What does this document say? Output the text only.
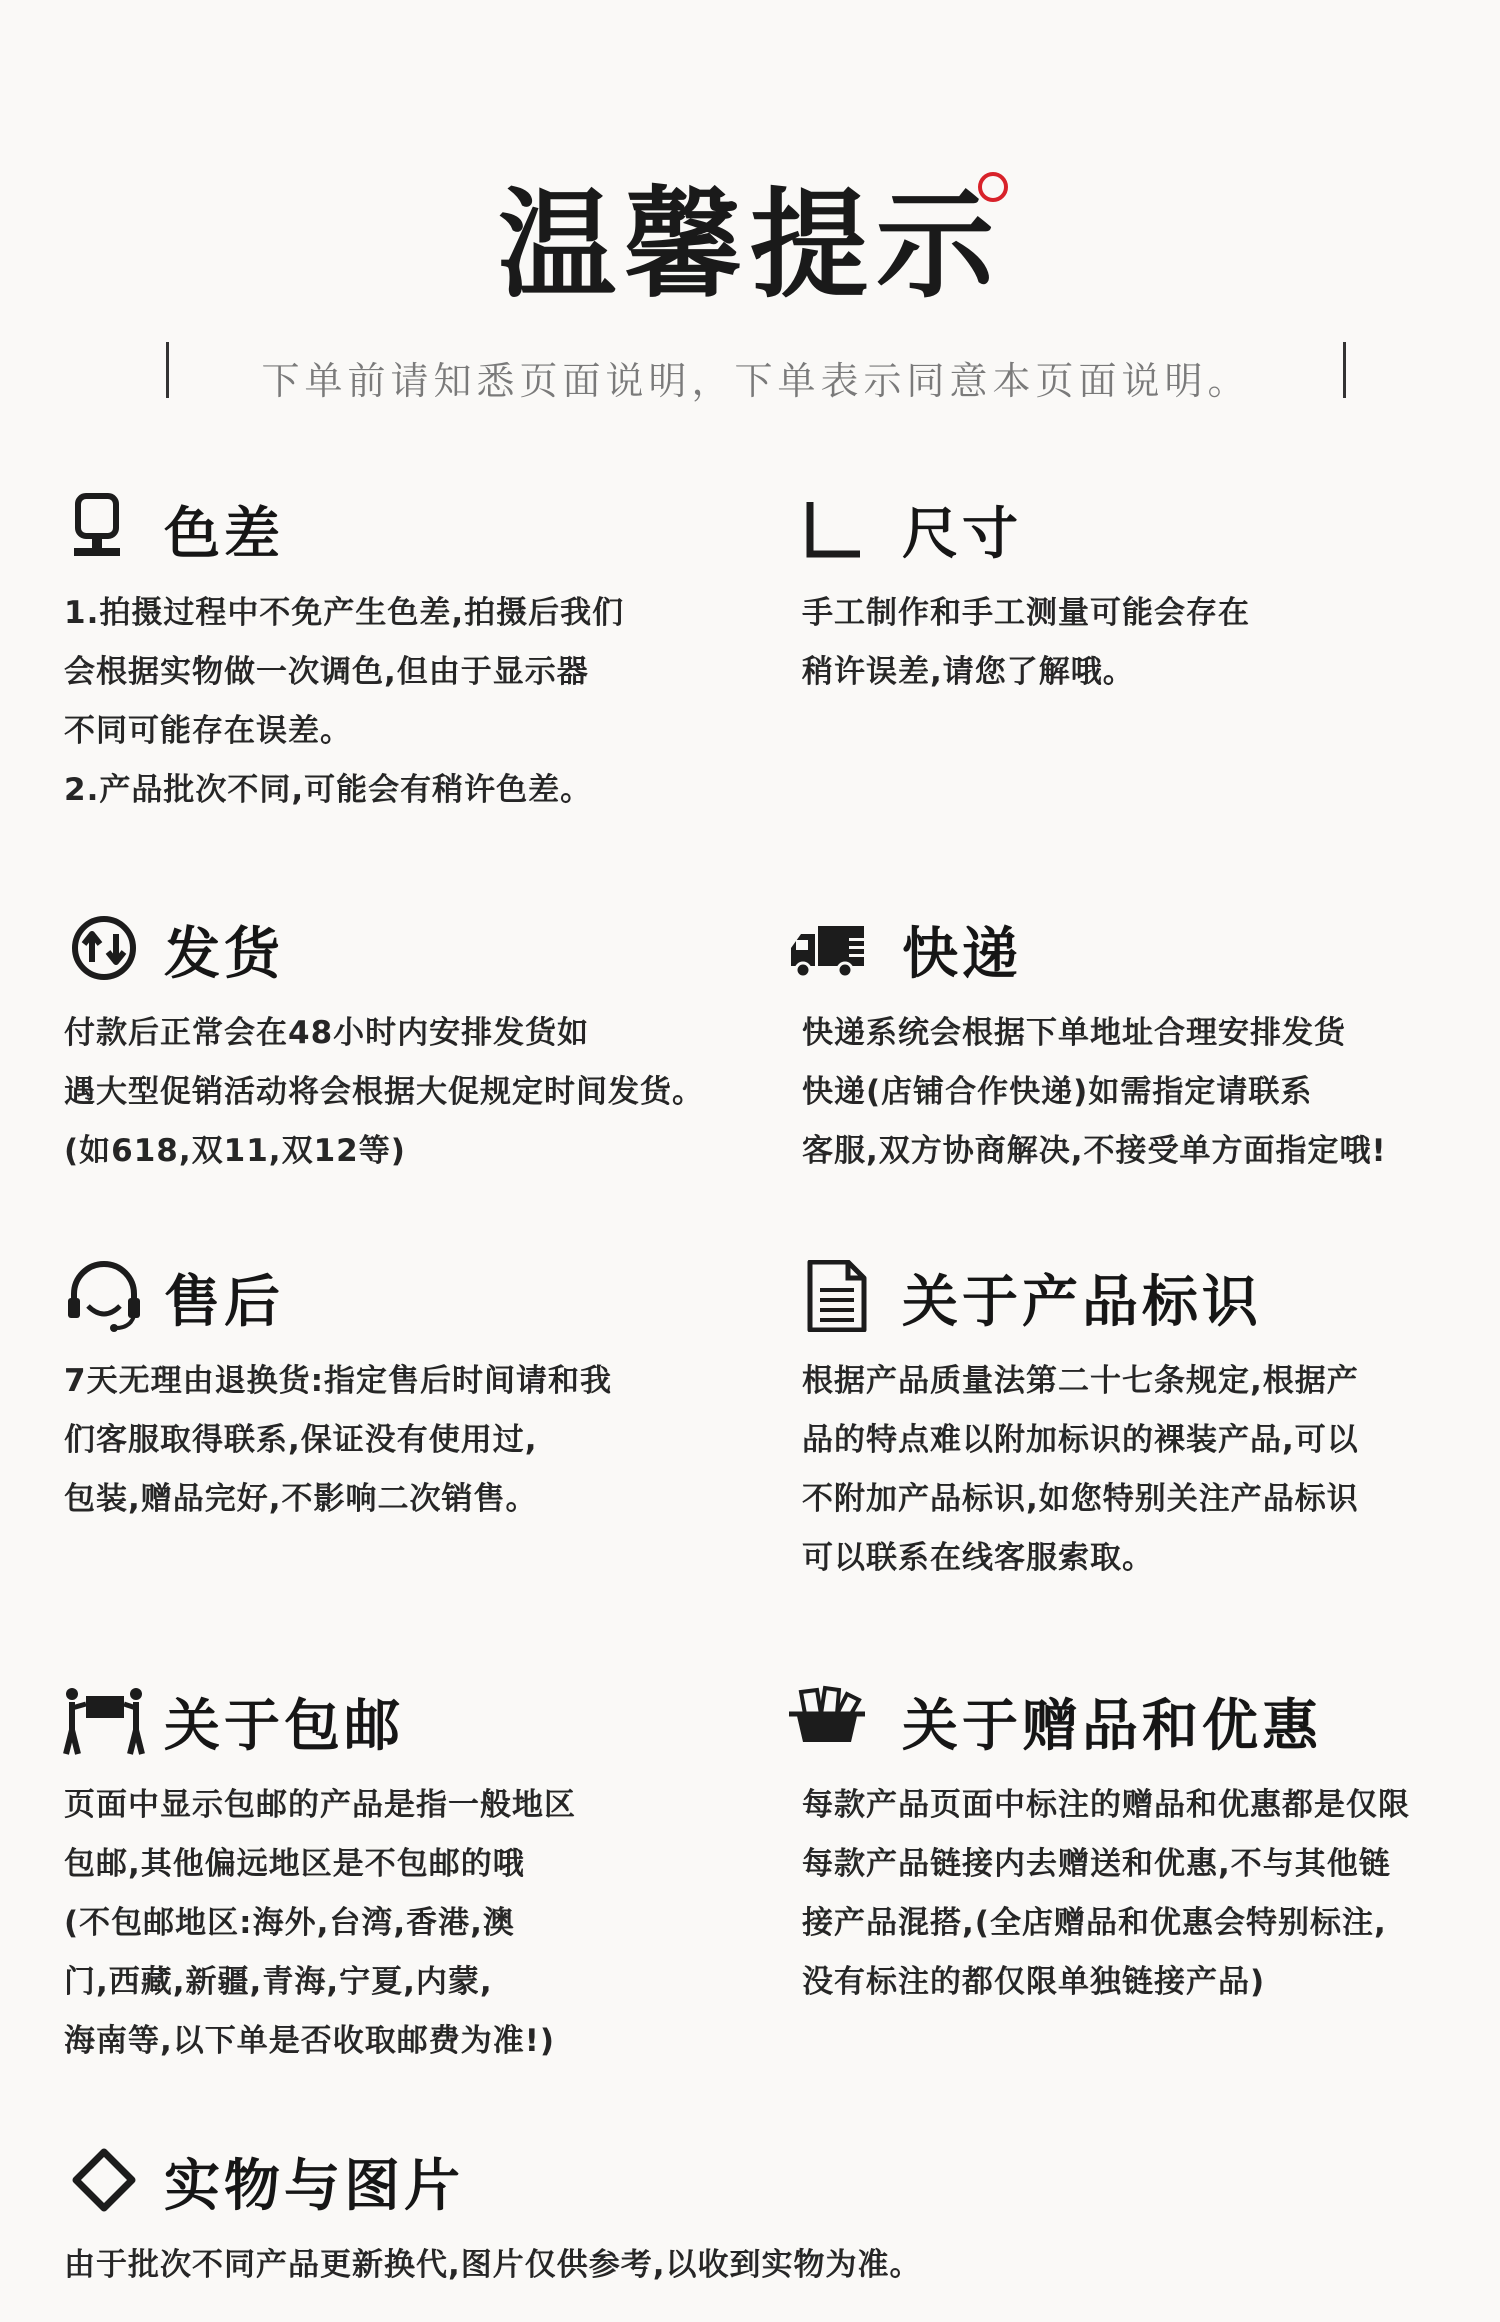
温馨提示
下单前请知悉页面说明，下单表示同意本页面说明。
色差
1.拍摄过程中不免产生色差,拍摄后我们
会根据实物做一次调色,但由于显示器
不同可能存在误差。
2.产品批次不同,可能会有稍许色差。
尺寸
手工制作和手工测量可能会存在
稍许误差,请您了解哦。
发货
付款后正常会在48小时内安排发货如
遇大型促销活动将会根据大促规定时间发货。
(如618,双11,双12等)
快递
快递系统会根据下单地址合理安排发货
快递(店铺合作快递)如需指定请联系
客服,双方协商解决,不接受单方面指定哦!
售后
7天无理由退换货:指定售后时间请和我
们客服取得联系,保证没有使用过,
包装,赠品完好,不影响二次销售。
关于产品标识
根据产品质量法第二十七条规定,根据产
品的特点难以附加标识的裸装产品,可以
不附加产品标识,如您特别关注产品标识
可以联系在线客服索取。
关于包邮
页面中显示包邮的产品是指一般地区
包邮,其他偏远地区是不包邮的哦
(不包邮地区:海外,台湾,香港,澳
门,西藏,新疆,青海,宁夏,内蒙,
海南等,以下单是否收取邮费为准!)
关于赠品和优惠
每款产品页面中标注的赠品和优惠都是仅限
每款产品链接内去赠送和优惠,不与其他链
接产品混搭,(全店赠品和优惠会特别标注,
没有标注的都仅限单独链接产品)
实物与图片
由于批次不同产品更新换代,图片仅供参考,以收到实物为准。
